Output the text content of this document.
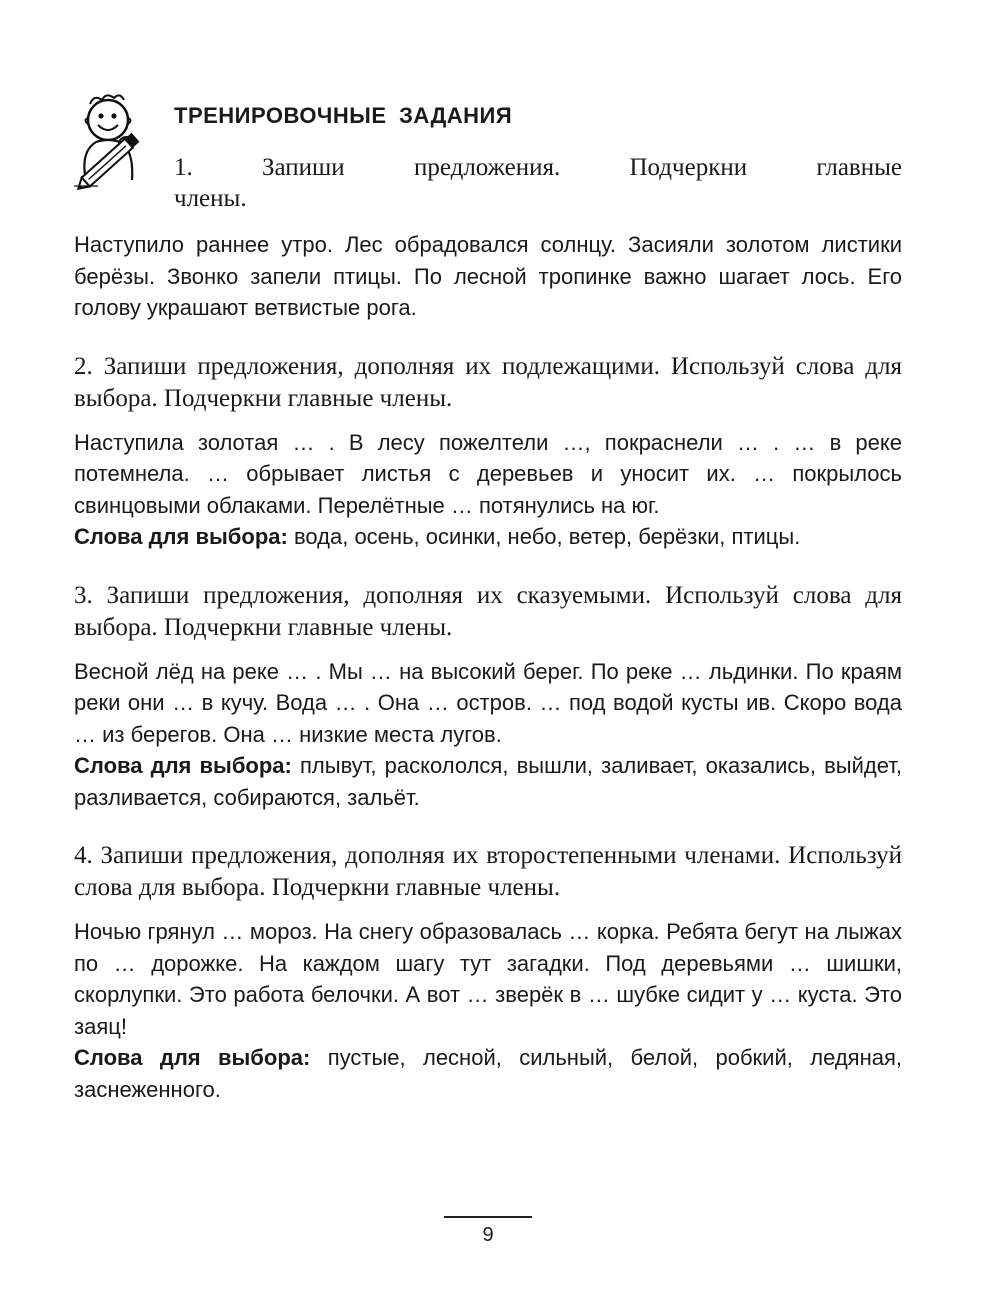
ТРЕНИРОВОЧНЫЕ ЗАДАНИЯ

1. Запиши предложения. Подчеркни главные
члены.

Наступило раннее утро. Лес обрадовался солнцу. Засияли золотом листики берёзы. Звонко запели птицы. По лесной тропинке важно шагает лось. Его голову украшают ветвистые рога.

2. Запиши предложения, дополняя их подлежащими. Используй слова для выбора. Подчеркни главные члены.

Наступила золотая … . В лесу пожелтели …, покраснели … . … в реке потемнела. … обрывает листья с деревьев и уносит их. … покрылось свинцовыми облаками. Перелётные … потянулись на юг.

Слова для выбора: вода, осень, осинки, небо, ветер, берёзки, птицы.

3. Запиши предложения, дополняя их сказуемыми. Используй слова для выбора. Подчеркни главные члены.

Весной лёд на реке … . Мы … на высокий берег. По реке … льдинки. По краям реки они … в кучу. Вода … . Она … остров. … под водой кусты ив. Скоро вода … из берегов. Она … низкие места лугов.

Слова для выбора: плывут, раскололся, вышли, заливает, оказались, выйдет, разливается, собираются, зальёт.

4. Запиши предложения, дополняя их второстепенными членами. Используй слова для выбора. Подчеркни главные члены.

Ночью грянул … мороз. На снегу образовалась … корка. Ребята бегут на лыжах по … дорожке. На каждом шагу тут загадки. Под деревьями … шишки, скорлупки. Это работа белочки. А вот … зверёк в … шубке сидит у … куста. Это заяц!

Слова для выбора: пустые, лесной, сильный, белой, робкий, ледяная, заснеженного.

9
